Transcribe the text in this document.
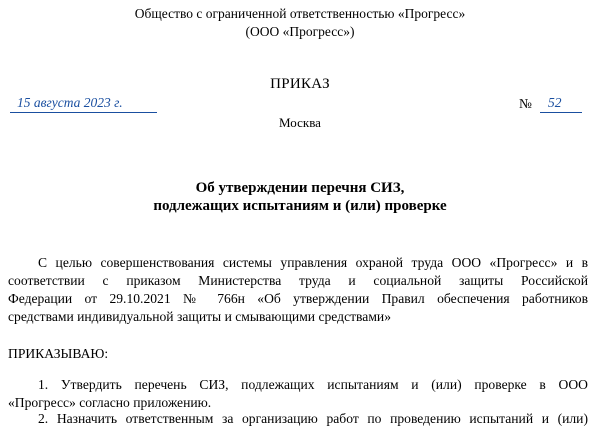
Общество с ограниченной ответственностью «Прогресс»
(ООО «Прогресс»)
ПРИКАЗ
15 августа 2023 г.	№ 52
Москва
Об утверждении перечня СИЗ,
подлежащих испытаниям и (или) проверке
С целью совершенствования системы управления охраной труда ООО «Прогресс» и в
соответствии с приказом Министерства труда и социальной защиты Российской
Федерации от 29.10.2021 № 766н «Об утверждении Правил обеспечения работников
средствами индивидуальной защиты и смывающими средствами»
ПРИКАЗЫВАЮ:
1. Утвердить перечень СИЗ, подлежащих испытаниям и (или) проверке в ООО
«Прогресс» согласно приложению.
2. Назначить ответственным за организацию работ по проведению испытаний и (или)
